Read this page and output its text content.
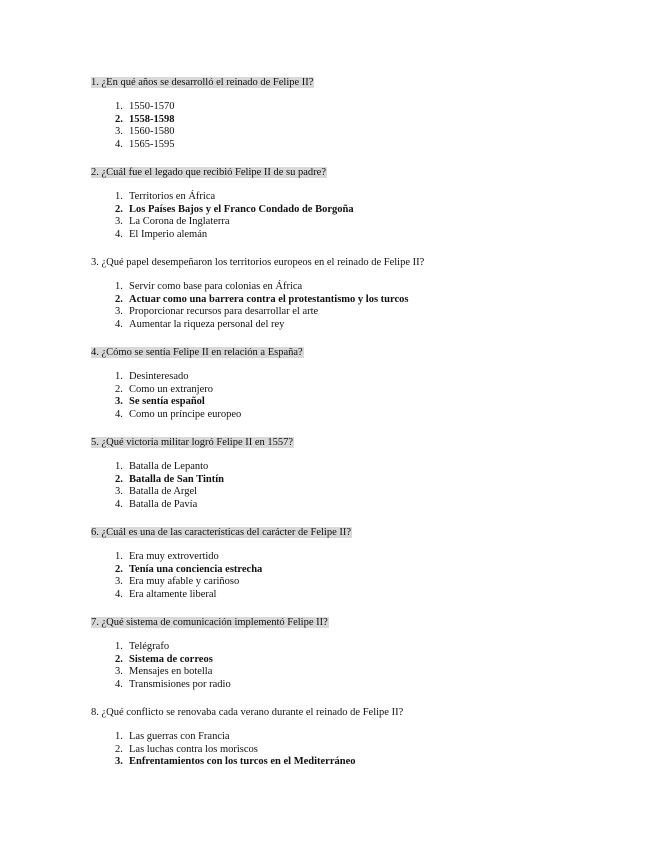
1. ¿En qué años se desarrolló el reinado de Felipe II?

1. 1550-1570
2. 1558-1598
3. 1560-1580
4. 1565-1595

2. ¿Cuál fue el legado que recibió Felipe II de su padre?

1. Territorios en África
2. Los Países Bajos y el Franco Condado de Borgoña
3. La Corona de Inglaterra
4. El Imperio alemán

3. ¿Qué papel desempeñaron los territorios europeos en el reinado de Felipe II?

1. Servir como base para colonias en África
2. Actuar como una barrera contra el protestantismo y los turcos
3. Proporcionar recursos para desarrollar el arte
4. Aumentar la riqueza personal del rey

4. ¿Cómo se sentía Felipe II en relación a España?

1. Desinteresado
2. Como un extranjero
3. Se sentía español
4. Como un príncipe europeo

5. ¿Qué victoria militar logró Felipe II en 1557?

1. Batalla de Lepanto
2. Batalla de San Tintín
3. Batalla de Argel
4. Batalla de Pavía

6. ¿Cuál es una de las características del carácter de Felipe II?

1. Era muy extrovertido
2. Tenía una conciencia estrecha
3. Era muy afable y cariñoso
4. Era altamente liberal

7. ¿Qué sistema de comunicación implementó Felipe II?

1. Telégrafo
2. Sistema de correos
3. Mensajes en botella
4. Transmisiones por radio

8. ¿Qué conflicto se renovaba cada verano durante el reinado de Felipe II?

1. Las guerras con Francia
2. Las luchas contra los moriscos
3. Enfrentamientos con los turcos en el Mediterráneo
